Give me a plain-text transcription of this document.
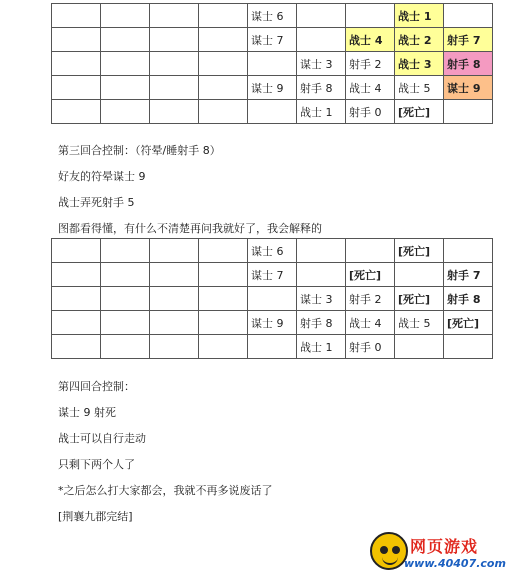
				谋士 6			战士 1	
				谋士 7		战士 4	战士 2	射手 7
					谋士 3	射手 2	战士 3	射手 8
				谋士 9	射手 8	战士 4	战士 5	谋士 9
					战士 1	射手 0	[死亡]	
第三回合控制：（符晕/睡射手 8）
好友的符晕谋士 9
战士弄死射手 5
图都看得懂，有什么不清楚再问我就好了，我会解释的
				谋士 6			[死亡]	
				谋士 7		[死亡]		射手 7
					谋士 3	射手 2	[死亡]	射手 8
				谋士 9	射手 8	战士 4	战士 5	[死亡]
					战士 1	射手 0		
第四回合控制：
谋士 9 射死
战士可以自行走动
只剩下两个人了
*之后怎么打大家都会，我就不再多说废话了
[荆襄九郡完结]
网页游戏
www.40407.com
